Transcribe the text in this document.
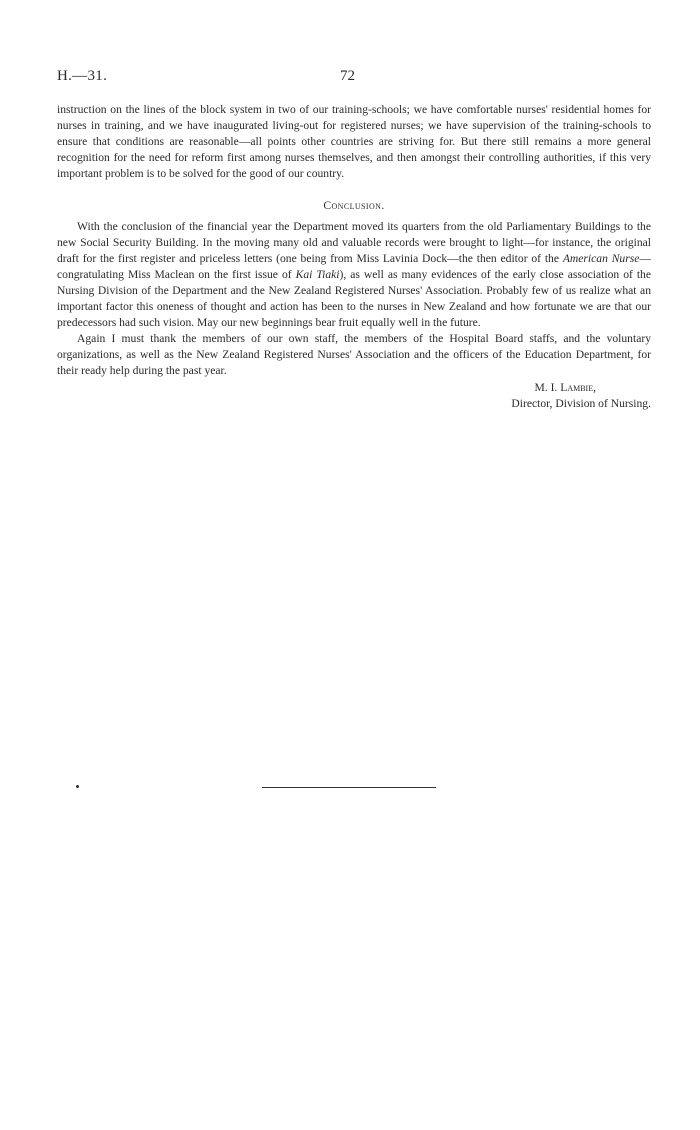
H.—31.	72

instruction on the lines of the block system in two of our training-schools; we have comfortable nurses' residential homes for nurses in training, and we have inaugurated living-out for registered nurses; we have supervision of the training-schools to ensure that conditions are reasonable—all points other countries are striving for. But there still remains a more general recognition for the need for reform first among nurses themselves, and then amongst their controlling authorities, if this very important problem is to be solved for the good of our country.

Conclusion.

With the conclusion of the financial year the Department moved its quarters from the old Parliamentary Buildings to the new Social Security Building. In the moving many old and valuable records were brought to light—for instance, the original draft for the first register and priceless letters (one being from Miss Lavinia Dock—the then editor of the American Nurse—congratulating Miss Maclean on the first issue of Kai Tiaki), as well as many evidences of the early close association of the Nursing Division of the Department and the New Zealand Registered Nurses' Association. Probably few of us realize what an important factor this oneness of thought and action has been to the nurses in New Zealand and how fortunate we are that our predecessors had such vision. May our new beginnings bear fruit equally well in the future.

Again I must thank the members of our own staff, the members of the Hospital Board staffs, and the voluntary organizations, as well as the New Zealand Registered Nurses' Association and the officers of the Education Department, for their ready help during the past year.

M. I. Lambie,

Director, Division of Nursing.
